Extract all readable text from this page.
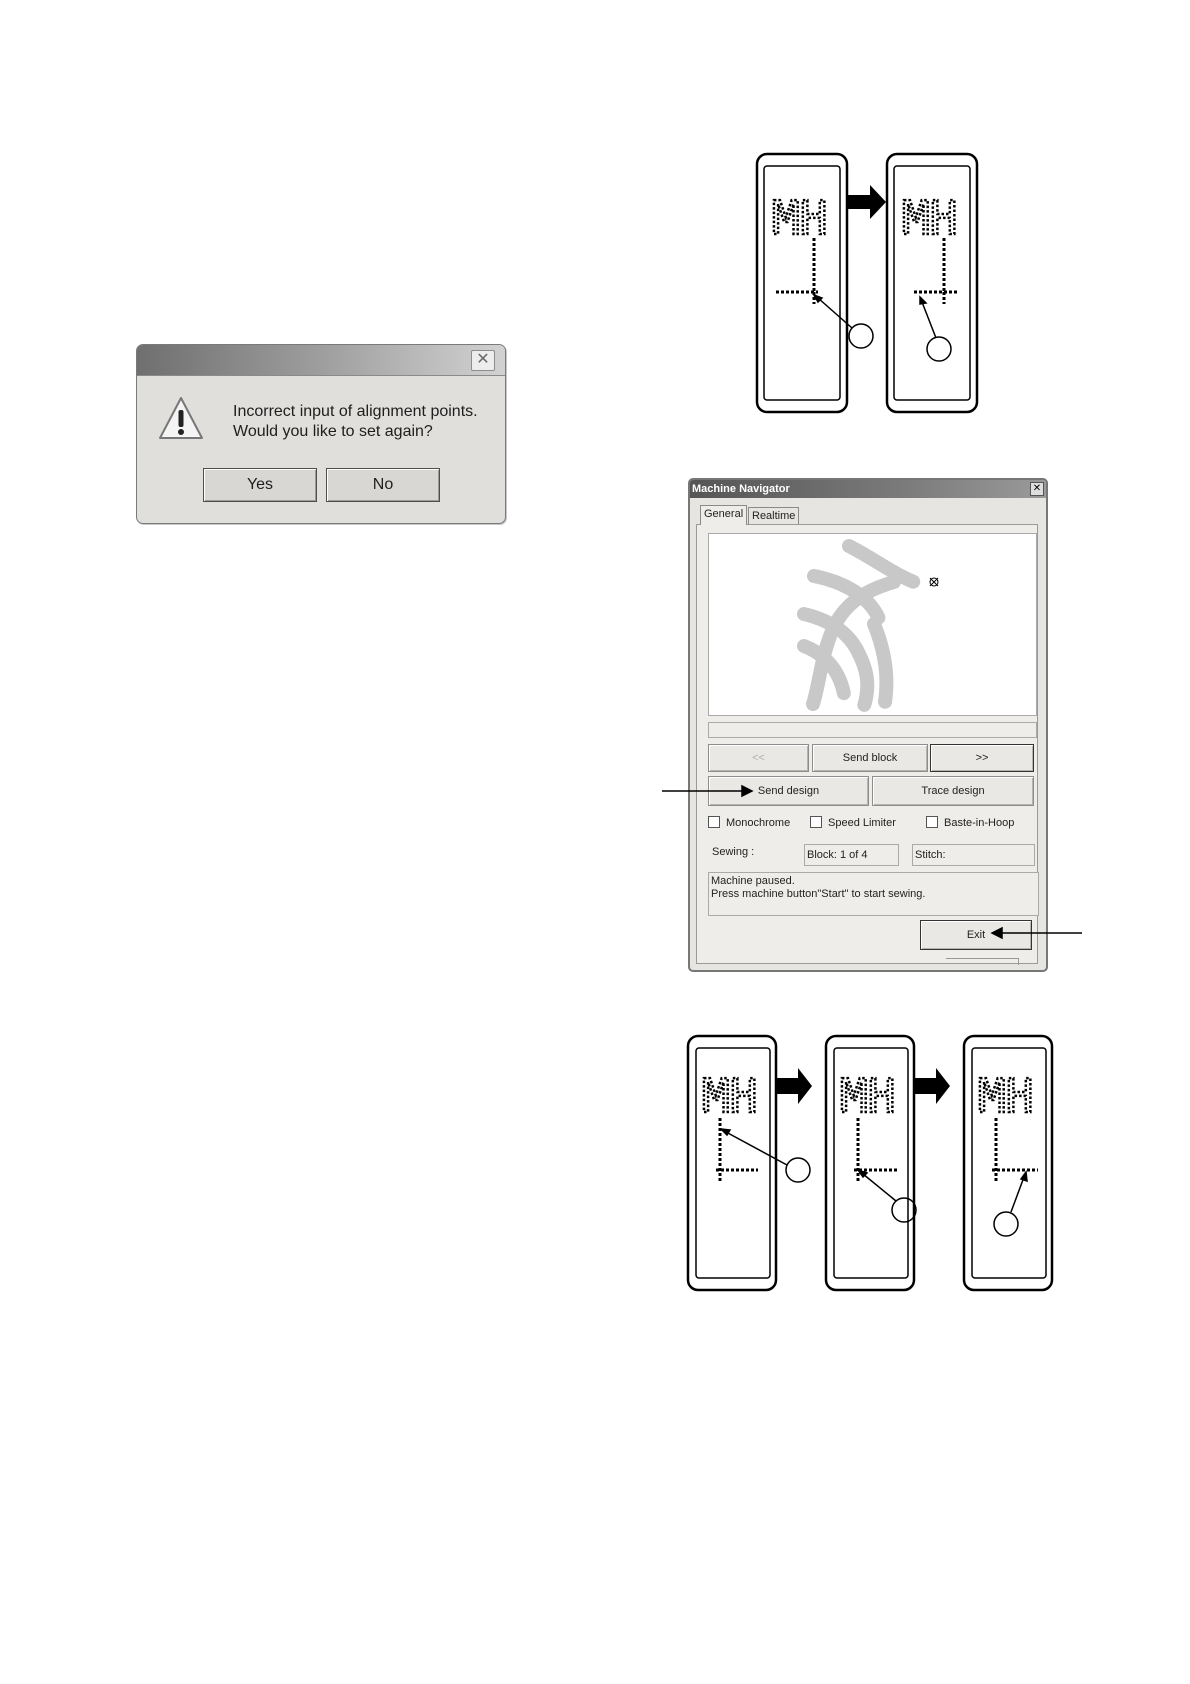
✕
Incorrect input of alignment points.
Would you like to set again?
Yes	No
MH MH
Machine Navigator	✕
General Realtime
<<	Send block	>>
Send design	Trace design
Monochrome	Speed Limiter	Baste-in-Hoop
Sewing :	Block: 1 of 4	Stitch:
Machine paused.
Press machine button"Start" to start sewing.
Exit
MH MH MH
